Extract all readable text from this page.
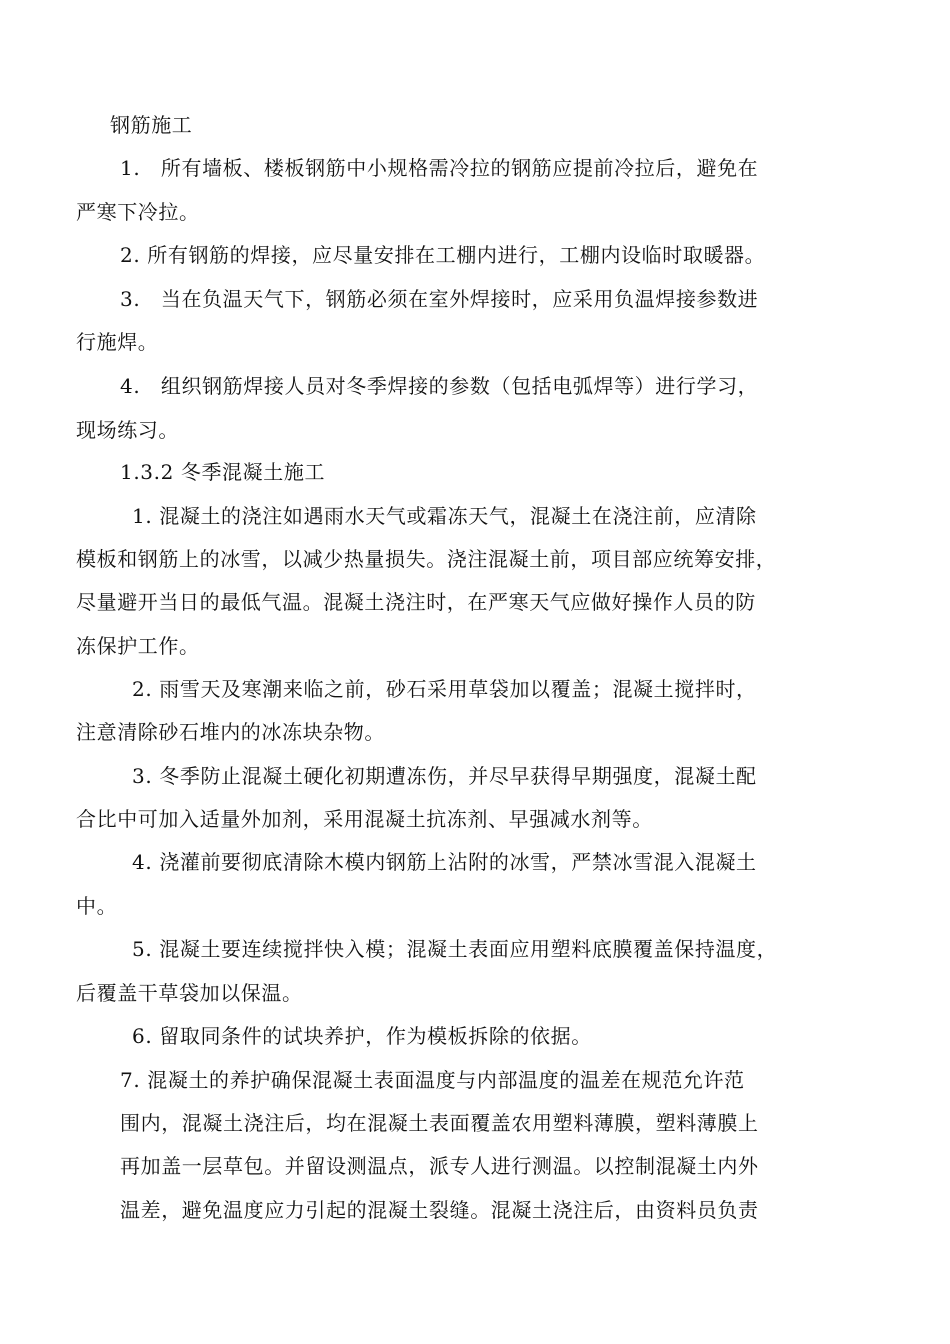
钢筋施工
1.　所有墙板、楼板钢筋中小规格需冷拉的钢筋应提前冷拉后，避免在
严寒下冷拉。
2. 所有钢筋的焊接，应尽量安排在工棚内进行，工棚内设临时取暖器。
3.　当在负温天气下，钢筋必须在室外焊接时，应采用负温焊接参数进
行施焊。
4.　组织钢筋焊接人员对冬季焊接的参数（包括电弧焊等）进行学习，
现场练习。
1.3.2 冬季混凝土施工
1. 混凝土的浇注如遇雨水天气或霜冻天气，混凝土在浇注前，应清除
模板和钢筋上的冰雪，以减少热量损失。浇注混凝土前，项目部应统筹安排，
尽量避开当日的最低气温。混凝土浇注时，在严寒天气应做好操作人员的防
冻保护工作。
2. 雨雪天及寒潮来临之前，砂石采用草袋加以覆盖；混凝土搅拌时，
注意清除砂石堆内的冰冻块杂物。
3. 冬季防止混凝土硬化初期遭冻伤，并尽早获得早期强度，混凝土配
合比中可加入适量外加剂，采用混凝土抗冻剂、早强减水剂等。
4. 浇灌前要彻底清除木模内钢筋上沾附的冰雪，严禁冰雪混入混凝土
中。
5. 混凝土要连续搅拌快入模；混凝土表面应用塑料底膜覆盖保持温度，
后覆盖干草袋加以保温。
6. 留取同条件的试块养护，作为模板拆除的依据。
7. 混凝土的养护确保混凝土表面温度与内部温度的温差在规范允许范
围内，混凝土浇注后，均在混凝土表面覆盖农用塑料薄膜，塑料薄膜上
再加盖一层草包。并留设测温点，派专人进行测温。以控制混凝土内外
温差，避免温度应力引起的混凝土裂缝。混凝土浇注后，由资料员负责
